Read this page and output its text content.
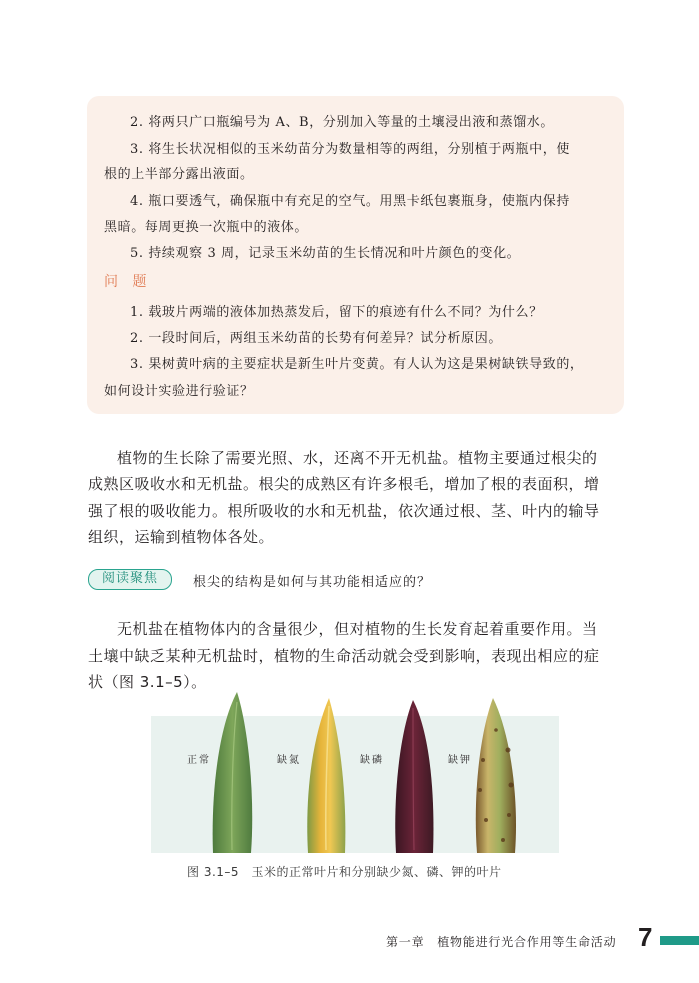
2. 将两只广口瓶编号为 A、B，分别加入等量的土壤浸出液和蒸馏水。
3. 将生长状况相似的玉米幼苗分为数量相等的两组，分别植于两瓶中，使
根的上半部分露出液面。
4. 瓶口要透气，确保瓶中有充足的空气。用黑卡纸包裹瓶身，使瓶内保持
黑暗。每周更换一次瓶中的液体。
5. 持续观察 3 周，记录玉米幼苗的生长情况和叶片颜色的变化。
问 题
1. 载玻片两端的液体加热蒸发后，留下的痕迹有什么不同？为什么？
2. 一段时间后，两组玉米幼苗的长势有何差异？试分析原因。
3. 果树黄叶病的主要症状是新生叶片变黄。有人认为这是果树缺铁导致的，
如何设计实验进行验证？
植物的生长除了需要光照、水，还离不开无机盐。植物主要通过根尖的
成熟区吸收水和无机盐。根尖的成熟区有许多根毛，增加了根的表面积，增
强了根的吸收能力。根所吸收的水和无机盐，依次通过根、茎、叶内的输导
组织，运输到植物体各处。
阅读聚焦	根尖的结构是如何与其功能相适应的？
无机盐在植物体内的含量很少，但对植物的生长发育起着重要作用。当
土壤中缺乏某种无机盐时，植物的生命活动就会受到影响，表现出相应的症
状（图 3.1–5）。
正常	缺氮	缺磷	缺钾
图 3.1–5　玉米的正常叶片和分别缺少氮、磷、钾的叶片
第一章　植物能进行光合作用等生命活动 7
